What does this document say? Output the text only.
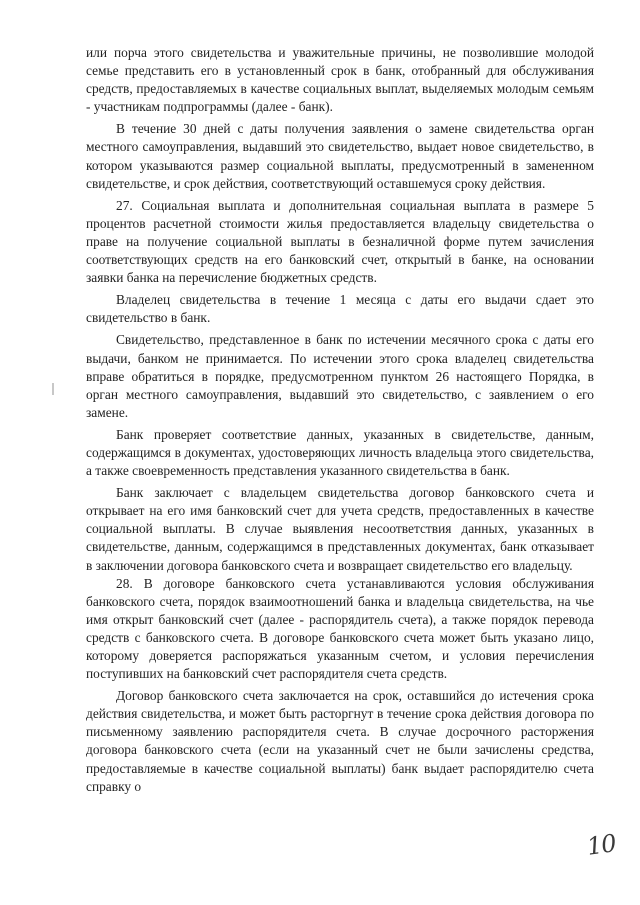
или порча этого свидетельства и уважительные причины, не позволившие молодой семье представить его в установленный срок в банк, отобранный для обслуживания средств, предоставляемых в качестве социальных выплат, выделяемых молодым семьям - участникам подпрограммы (далее - банк).

В течение 30 дней с даты получения заявления о замене свидетельства орган местного самоуправления, выдавший это свидетельство, выдает новое свидетельство, в котором указываются размер социальной выплаты, предусмотренный в замененном свидетельстве, и срок действия, соответствующий оставшемуся сроку действия.

27. Социальная выплата и дополнительная социальная выплата в размере 5 процентов расчетной стоимости жилья предоставляется владельцу свидетельства о праве на получение социальной выплаты в безналичной форме путем зачисления соответствующих средств на его банковский счет, открытый в банке, на основании заявки банка на перечисление бюджетных средств.

Владелец свидетельства в течение 1 месяца с даты его выдачи сдает это свидетельство в банк.

Свидетельство, представленное в банк по истечении месячного срока с даты его выдачи, банком не принимается. По истечении этого срока владелец свидетельства вправе обратиться в порядке, предусмотренном пунктом 26 настоящего Порядка, в орган местного самоуправления, выдавший это свидетельство, с заявлением о его замене.

Банк проверяет соответствие данных, указанных в свидетельстве, данным, содержащимся в документах, удостоверяющих личность владельца этого свидетельства, а также своевременность представления указанного свидетельства в банк.

Банк заключает с владельцем свидетельства договор банковского счета и открывает на его имя банковский счет для учета средств, предоставленных в качестве социальной выплаты. В случае выявления несоответствия данных, указанных в свидетельстве, данным, содержащимся в представленных документах, банк отказывает в заключении договора банковского счета и возвращает свидетельство его владельцу.

28. В договоре банковского счета устанавливаются условия обслуживания банковского счета, порядок взаимоотношений банка и владельца свидетельства, на чье имя открыт банковский счет (далее - распорядитель счета), а также порядок перевода средств с банковского счета. В договоре банковского счета может быть указано лицо, которому доверяется распоряжаться указанным счетом, и условия перечисления поступивших на банковский счет распорядителя счета средств.

Договор банковского счета заключается на срок, оставшийся до истечения срока действия свидетельства, и может быть расторгнут в течение срока действия договора по письменному заявлению распорядителя счета. В случае досрочного расторжения договора банковского счета (если на указанный счет не были зачислены средства, предоставляемые в качестве социальной выплаты) банк выдает распорядителю счета справку о

10
